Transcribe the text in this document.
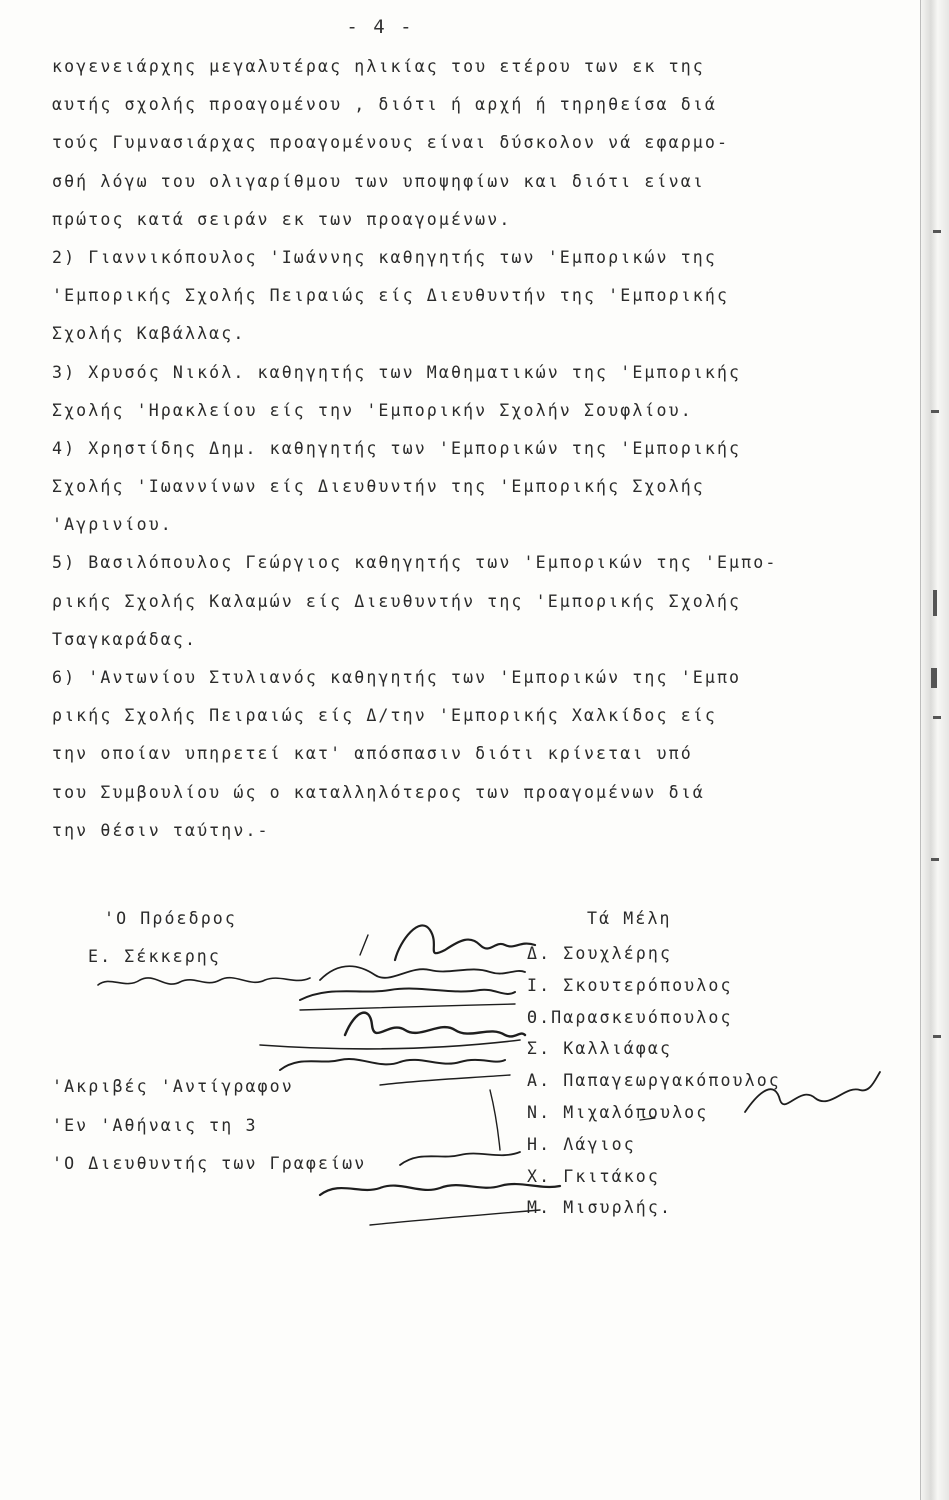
- 4 -
κογενειάρχης μεγαλυτέρας ηλικίας του ετέρου των εκ της
αυτής σχολής προαγομένου , διότι ή αρχή ή τηρηθείσα διά
τούς Γυμνασιάρχας προαγομένους είναι δύσκολον νά εφαρμο-
σθή λόγω του ολιγαρίθμου των υποψηφίων και διότι είναι
πρώτος κατά σειράν εκ των προαγομένων.
2) Γιαννικόπουλος 'Ιωάννης καθηγητής των 'Εμπορικών της
'Εμπορικής Σχολής Πειραιώς είς Διευθυντήν της 'Εμπορικής
Σχολής Καβάλλας.
3) Χρυσός Νικόλ. καθηγητής των Μαθηματικών της 'Εμπορικής
Σχολής 'Ηρακλείου είς την 'Εμπορικήν Σχολήν Σουφλίου.
4) Χρηστίδης Δημ. καθηγητής των 'Εμπορικών της 'Εμπορικής
Σχολής 'Ιωαννίνων είς Διευθυντήν της 'Εμπορικής Σχολής
'Αγρινίου.
5) Βασιλόπουλος Γεώργιος καθηγητής των 'Εμπορικών της 'Εμπο-
ρικής Σχολής Καλαμών είς Διευθυντήν της 'Εμπορικής Σχολής
Τσαγκαράδας.
6) 'Αντωνίου Στυλιανός καθηγητής των 'Εμπορικών της 'Εμπο
ρικής Σχολής Πειραιώς είς Δ/την 'Εμπορικής Χαλκίδος είς
την οποίαν υπηρετεί κατ' απόσπασιν διότι κρίνεται υπό
του Συμβουλίου ώς ο καταλληλότερος των προαγομένων διά
την θέσιν ταύτην.-
'Ο Πρόεδρος
Ε. Σέκκερης
Τά Μέλη
Δ. Σουχλέρης
Ι. Σκουτερόπουλος
Θ.Παρασκευόπουλος
Σ. Καλλιάφας
Α. Παπαγεωργακόπουλος
Ν. Μιχαλόπουλος
Η. Λάγιος
Χ. Γκιτάκος
Μ. Μισυρλής.
'Ακριβές 'Αντίγραφον
'Εν 'Αθήναις τη 3
'Ο Διευθυντής των Γραφείων
